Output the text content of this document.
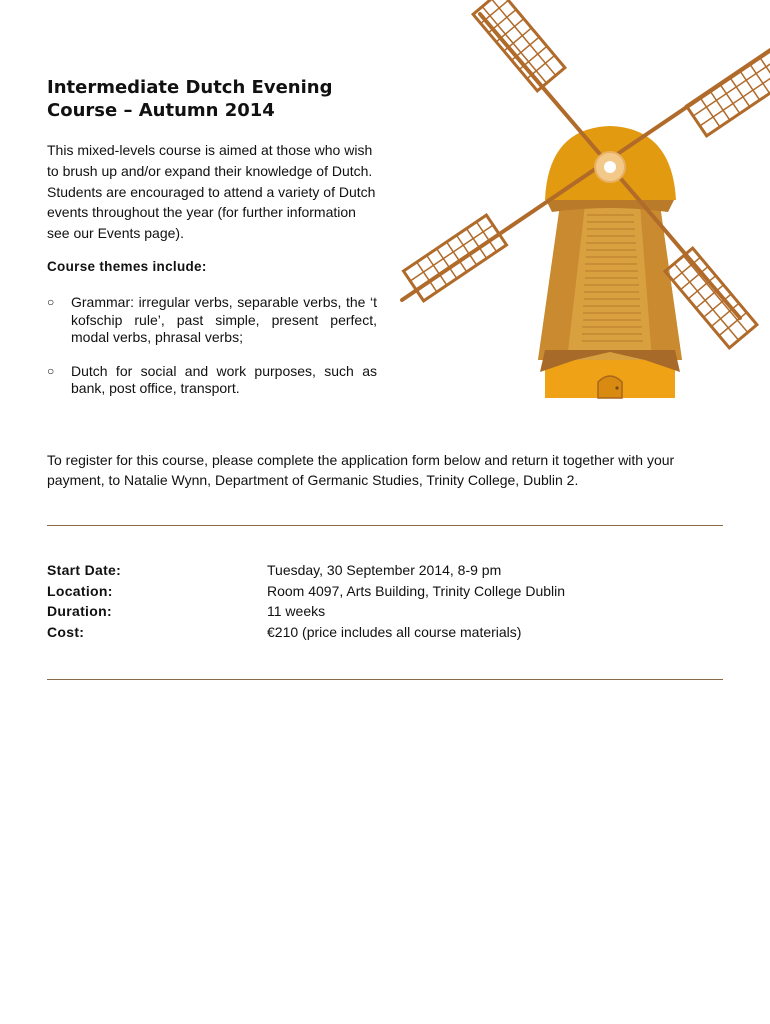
Intermediate Dutch Evening Course – Autumn 2014

This mixed-levels course is aimed at those who wish to brush up and/or expand their knowledge of Dutch. Students are encouraged to attend a variety of Dutch events throughout the year (for further information see our Events page).

Course themes include:

○ Grammar: irregular verbs, separable verbs, the ‘t kofschip rule’, past simple, present perfect, modal verbs, phrasal verbs;
○ Dutch for social and work purposes, such as bank, post office, transport.

To register for this course, please complete the application form below and return it together with your payment, to Natalie Wynn, Department of Germanic Studies, Trinity College, Dublin 2.

Start Date:	Tuesday, 30 September 2014, 8-9 pm
Location:	Room 4097, Arts Building, Trinity College Dublin
Duration:	11 weeks
Cost:	€210 (price includes all course materials)
